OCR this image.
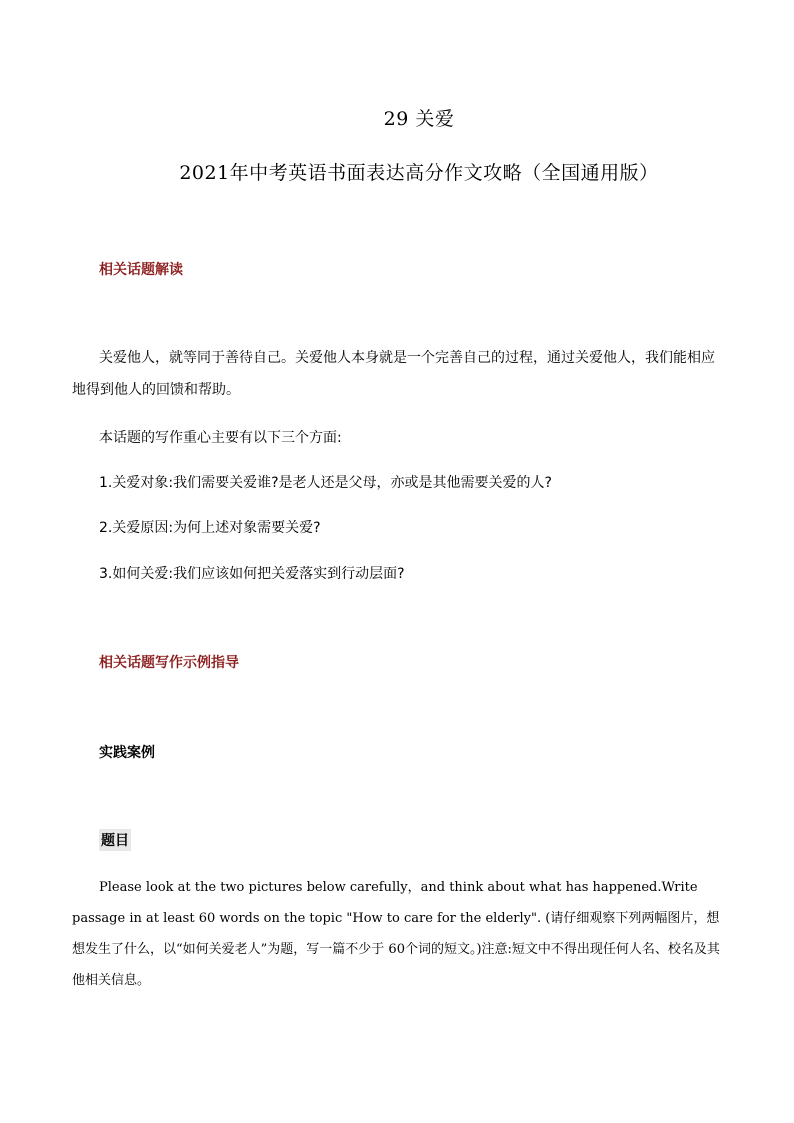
29 关爱
2021年中考英语书面表达高分作文攻略（全国通用版）
相关话题解读
关爱他人，就等同于善待自己。关爱他人本身就是一个完善自己的过程，通过关爱他人，我们能相应地得到他人的回馈和帮助。
本话题的写作重心主要有以下三个方面:
1.关爱对象:我们需要关爱谁?是老人还是父母，亦或是其他需要关爱的人?
2.关爱原因:为何上述对象需要关爱?
3.如何关爱:我们应该如何把关爱落实到行动层面?
相关话题写作示例指导
实践案例
题目
Please look at the two pictures below carefully，and think about what has happened.Write passage in at least 60 words on the topic "How to care for the elderly". (请仔细观察下列两幅图片，想想发生了什么，以“如何关爱老人”为题，写一篇不少于 60个词的短文。)注意:短文中不得出现任何人名、校名及其他相关信息。
